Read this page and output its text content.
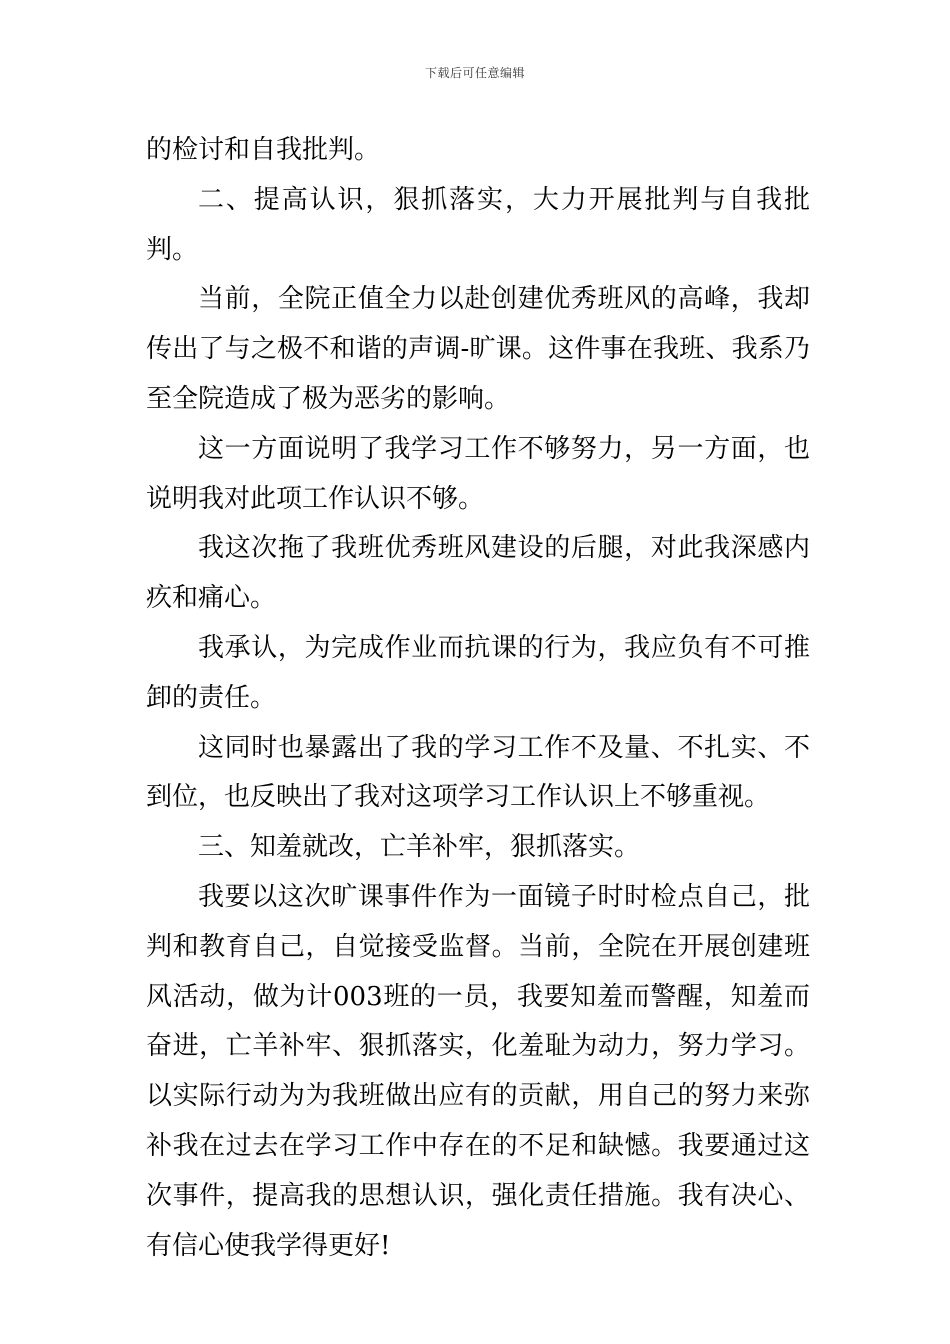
下载后可任意编辑

的检讨和自我批判。

二、提高认识，狠抓落实，大力开展批判与自我批判。

当前，全院正值全力以赴创建优秀班风的高峰，我却传出了与之极不和谐的声调-旷课。这件事在我班、我系乃至全院造成了极为恶劣的影响。

这一方面说明了我学习工作不够努力，另一方面，也说明我对此项工作认识不够。

我这次拖了我班优秀班风建设的后腿，对此我深感内疚和痛心。

我承认，为完成作业而抗课的行为，我应负有不可推卸的责任。

这同时也暴露出了我的学习工作不及量、不扎实、不到位，也反映出了我对这项学习工作认识上不够重视。

三、知羞就改，亡羊补牢，狠抓落实。

我要以这次旷课事件作为一面镜子时时检点自己，批判和教育自己，自觉接受监督。当前，全院在开展创建班风活动，做为计003班的一员，我要知羞而警醒，知羞而奋进，亡羊补牢、狠抓落实，化羞耻为动力，努力学习。以实际行动为为我班做出应有的贡献，用自己的努力来弥补我在过去在学习工作中存在的不足和缺憾。我要通过这次事件，提高我的思想认识，强化责任措施。我有决心、有信心使我学得更好!
